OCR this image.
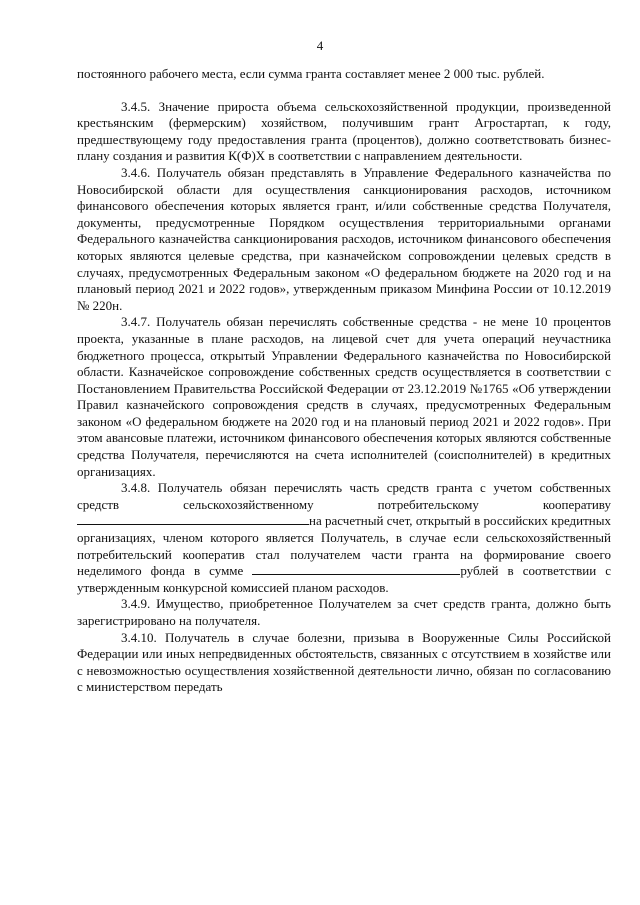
4

постоянного рабочего места, если сумма гранта составляет менее 2 000 тыс. рублей.

3.4.5. Значение прироста объема сельскохозяйственной продукции, произведенной крестьянским (фермерским) хозяйством, получившим грант Агростартап, к году, предшествующему году предоставления гранта (процентов), должно соответствовать бизнес-плану создания и развития К(Ф)Х в соответствии с направлением деятельности.

3.4.6. Получатель обязан представлять в Управление Федерального казначейства по Новосибирской области для осуществления санкционирования расходов, источником финансового обеспечения которых является грант, и/или собственные средства Получателя, документы, предусмотренные Порядком осуществления территориальными органами Федерального казначейства санкционирования расходов, источником финансового обеспечения которых являются целевые средства, при казначейском сопровождении целевых средств в случаях, предусмотренных Федеральным законом «О федеральном бюджете на 2020 год и на плановый период 2021 и 2022 годов», утвержденным приказом Минфина России от 10.12.2019 № 220н.

3.4.7. Получатель обязан перечислять собственные средства - не мене 10 процентов проекта, указанные в плане расходов, на лицевой счет для учета операций неучастника бюджетного процесса, открытый Управлении Федерального казначейства по Новосибирской области. Казначейское сопровождение собственных средств осуществляется в соответствии с Постановлением Правительства Российской Федерации от 23.12.2019 №1765 «Об утверждении Правил казначейского сопровождения средств в случаях, предусмотренных Федеральным законом «О федеральном бюджете на 2020 год и на плановый период 2021 и 2022 годов». При этом авансовые платежи, источником финансового обеспечения которых являются собственные средства Получателя, перечисляются на счета исполнителей (соисполнителей) в кредитных организациях.

3.4.8. Получатель обязан перечислять часть средств гранта с учетом собственных средств сельскохозяйственному потребительскому кооперативу на расчетный счет, открытый в российских кредитных организациях, членом которого является Получатель, в случае если сельскохозяйственный потребительский кооператив стал получателем части гранта на формирование своего неделимого фонда в сумме	рублей в соответствии с утвержденным конкурсной комиссией планом расходов.

3.4.9. Имущество, приобретенное Получателем за счет средств гранта, должно быть зарегистрировано на получателя.

3.4.10. Получатель в случае болезни, призыва в Вооруженные Силы Российской Федерации или иных непредвиденных обстоятельств, связанных с отсутствием в хозяйстве или с невозможностью осуществления хозяйственной деятельности лично, обязан по согласованию с министерством передать
